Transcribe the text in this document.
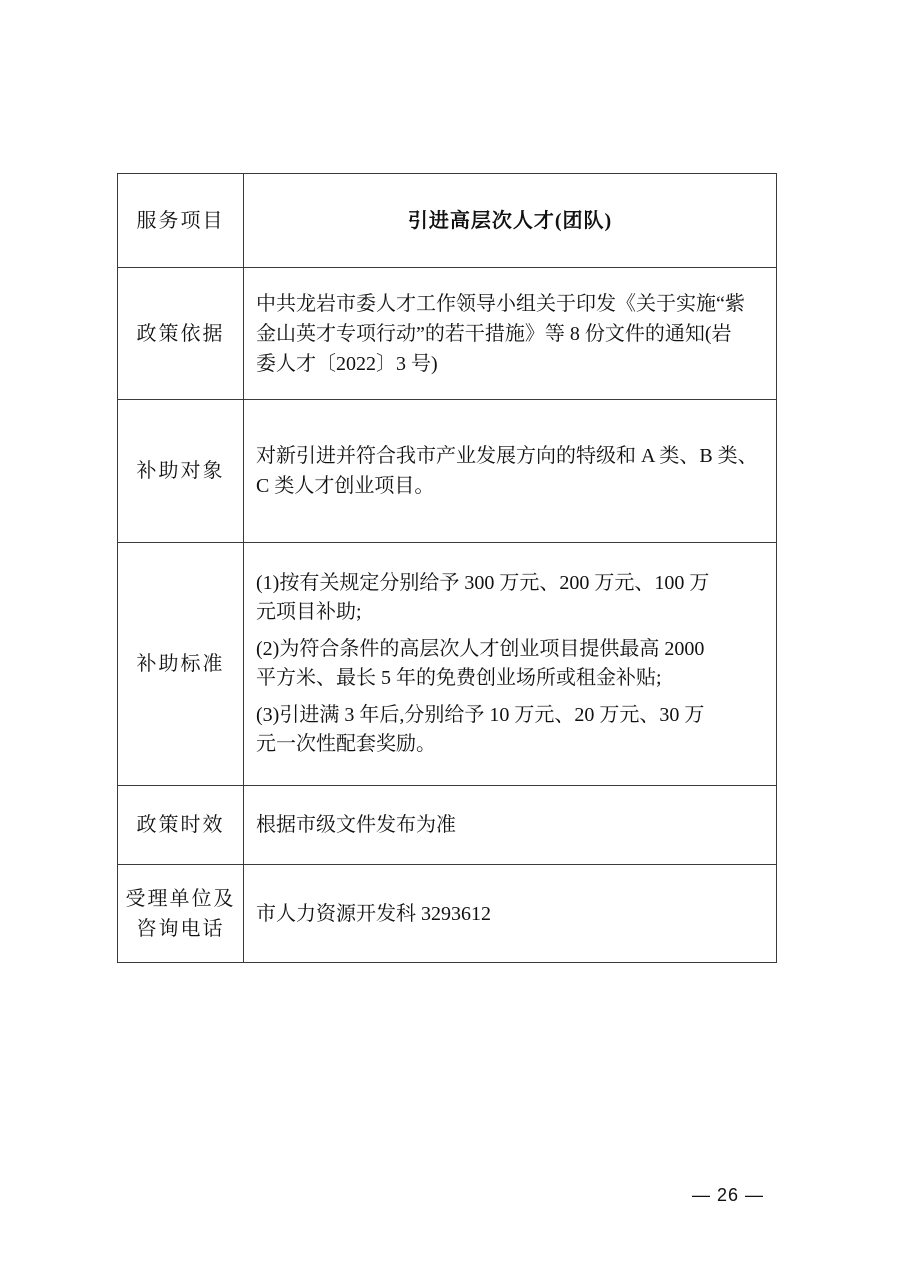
服务项目	引进高层次人才(团队)
政策依据
中共龙岩市委人才工作领导小组关于印发《关于实施“紫
金山英才专项行动”的若干措施》等 8 份文件的通知(岩
委人才〔2022〕3 号)
补助对象
对新引进并符合我市产业发展方向的特级和 A 类、B 类、
C 类人才创业项目。
补助标准
(1)按有关规定分别给予 300 万元、200 万元、100 万
元项目补助;
(2)为符合条件的高层次人才创业项目提供最高 2000
平方米、最长 5 年的免费创业场所或租金补贴;
(3)引进满 3 年后,分别给予 10 万元、20 万元、30 万
元一次性配套奖励。
政策时效 根据市级文件发布为准
受理单位及
咨询电话
市人力资源开发科 3293612
— 26 —
